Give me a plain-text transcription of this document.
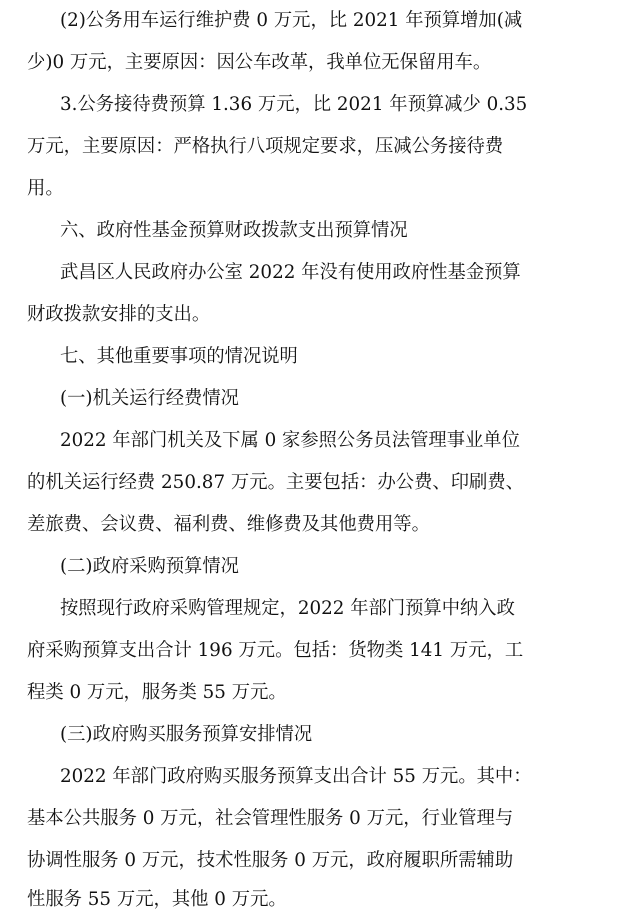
(2)公务用车运行维护费 0 万元，比 2021 年预算增加(减
少)0 万元，主要原因：因公车改革，我单位无保留用车。
3.公务接待费预算 1.36 万元，比 2021 年预算减少 0.35
万元，主要原因：严格执行八项规定要求，压减公务接待费
用。
六、政府性基金预算财政拨款支出预算情况
武昌区人民政府办公室 2022 年没有使用政府性基金预算
财政拨款安排的支出。
七、其他重要事项的情况说明
(一)机关运行经费情况
2022 年部门机关及下属 0 家参照公务员法管理事业单位
的机关运行经费 250.87 万元。主要包括：办公费、印刷费、
差旅费、会议费、福利费、维修费及其他费用等。
(二)政府采购预算情况
按照现行政府采购管理规定，2022 年部门预算中纳入政
府采购预算支出合计 196 万元。包括：货物类 141 万元，工
程类 0 万元，服务类 55 万元。
(三)政府购买服务预算安排情况
2022 年部门政府购买服务预算支出合计 55 万元。其中：
基本公共服务 0 万元，社会管理性服务 0 万元，行业管理与
协调性服务 0 万元，技术性服务 0 万元，政府履职所需辅助
性服务 55 万元，其他 0 万元。
